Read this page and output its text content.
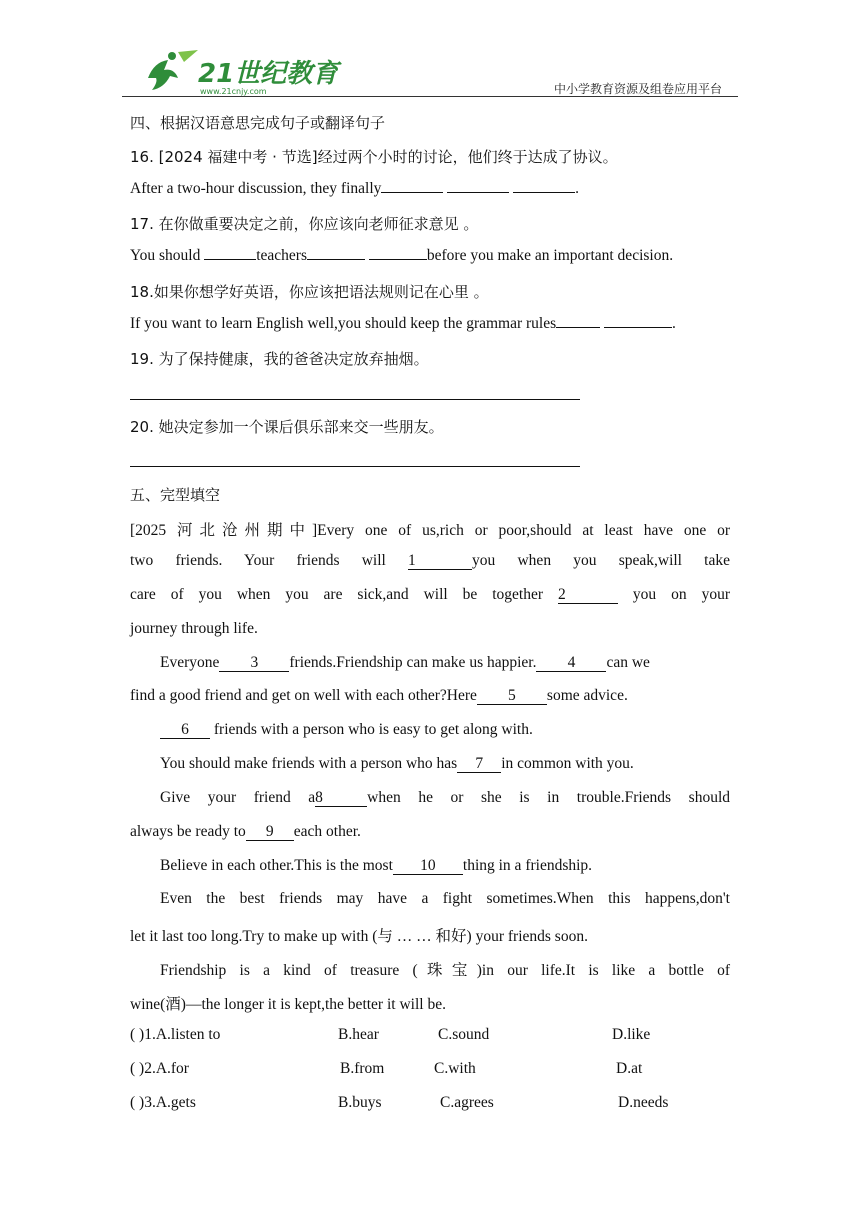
21世纪教育
www.21cnjy.com	中小学教育资源及组卷应用平台
四、根据汉语意思完成句子或翻译句子
16. [2024 福建中考 · 节选]经过两个小时的讨论，他们终于达成了协议。
After a two-hour discussion, they finally	.
17. 在你做重要决定之前，你应该向老师征求意见 。
You should	teachers	before you make an important decision.
18.如果你想学好英语，你应该把语法规则记在心里 。
If you want to learn English well,you should keep the grammar rules	.
19. 为了保持健康，我的爸爸决定放弃抽烟。
20. 她决定参加一个课后俱乐部来交一些朋友。
五、完型填空
[2025 河北沧州期中]Every one of us,rich or poor,should at least have one or
two friends. Your friends will 1	you when you speak,will take
care of you when you are sick,and will be together 2	you on your
journey through life.
Everyone 3 friends.Friendship can make us happier. 4 can we
find a good friend and get on well with each other?Here 5 some advice.
6 friends with a person who is easy to get along with.
You should make friends with a person who has 7 in common with you.
Give your friend a8	when he or she is in trouble.Friends should
always be ready to 9 each other.
Believe in each other.This is the most 10 thing in a friendship.
Even the best friends may have a fight sometimes.When this happens,don't
let it last too long.Try to make up with (与 … … 和好) your friends soon.
Friendship is a kind of treasure (珠宝)in our life.It is like a bottle of
wine(酒)—the longer it is kept,the better it will be.
( )1.A.listen to	B.hear	C.sound	D.like
( )2.A.for	B.from	C.with	D.at
( )3.A.gets	B.buys	C.agrees	D.needs
